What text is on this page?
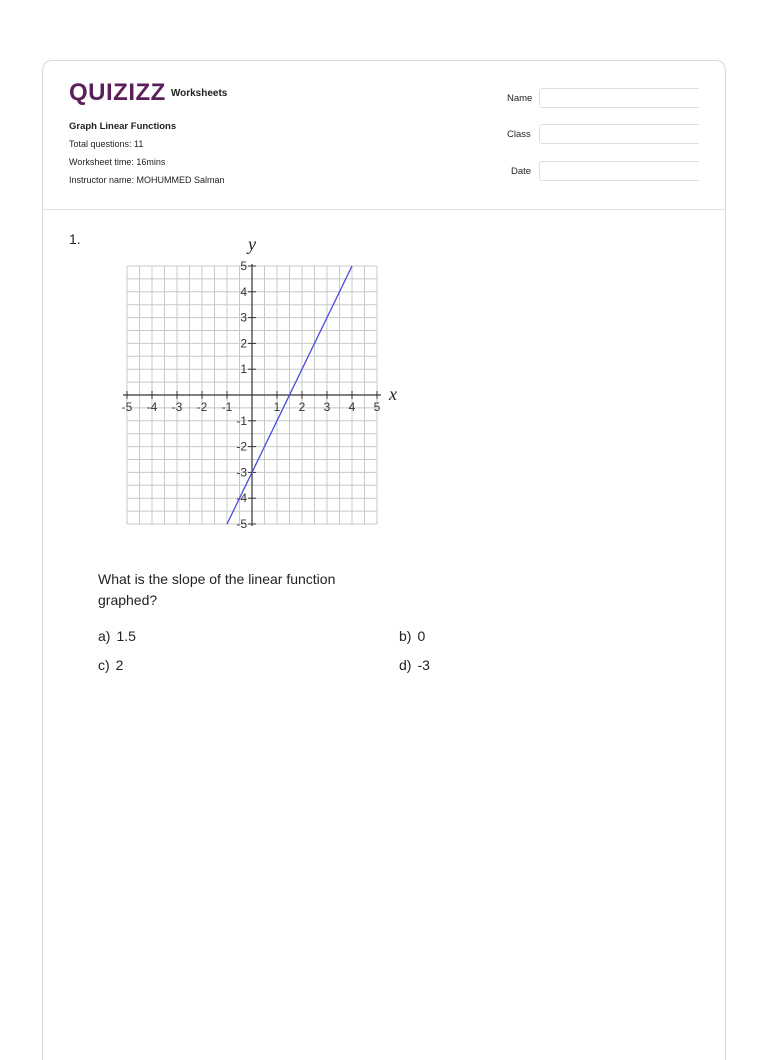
QUIZIZZ Worksheets
Graph Linear Functions
Total questions: 11
Worksheet time: 16mins
Instructor name: MOHUMMED Salman
Name
Class
Date
1.
-5 -4 -3 -2 -1	1 2 3 4 5
5
4
3
2
1
-1
-2
-3
-4
-5
x
y
What is the slope of the linear function graphed?
a) 1.5	b) 0
c) 2	d) -3
